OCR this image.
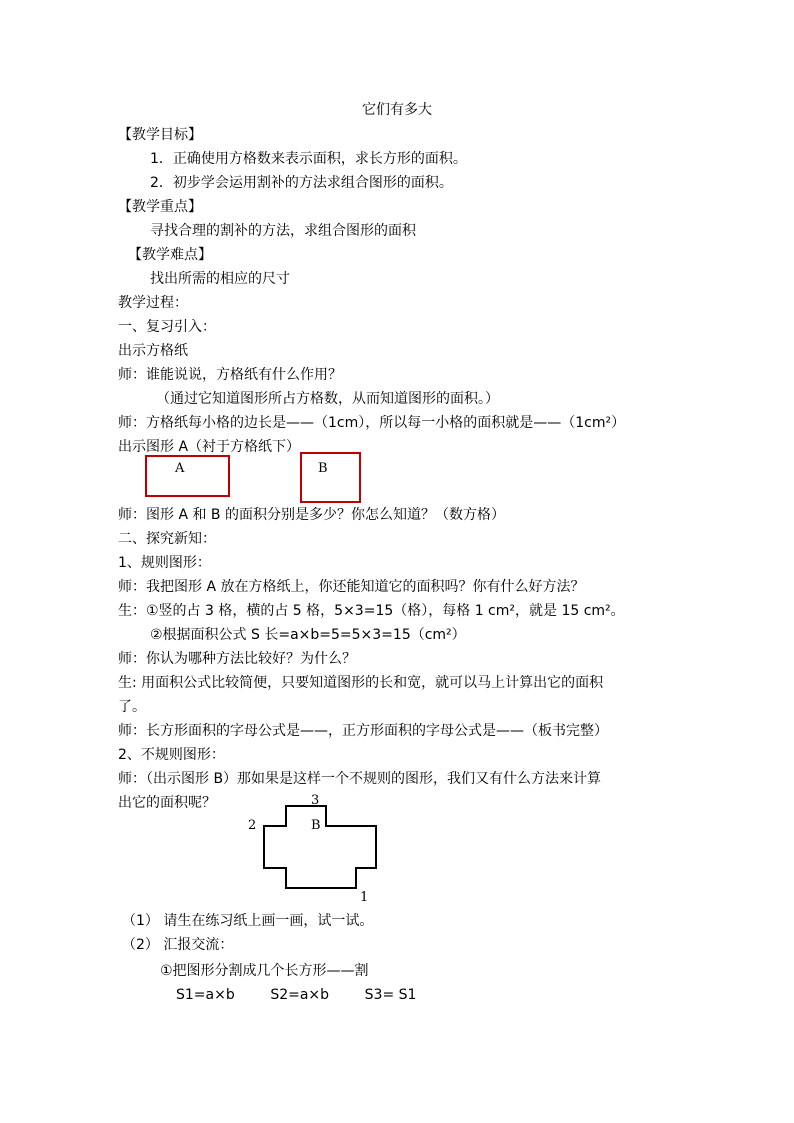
它们有多大
【教学目标】
1．正确使用方格数来表示面积，求长方形的面积。
2．初步学会运用割补的方法求组合图形的面积。
【教学重点】
寻找合理的割补的方法，求组合图形的面积
【教学难点】
找出所需的相应的尺寸
教学过程：
一、复习引入：
出示方格纸
师：谁能说说，方格纸有什么作用？
（通过它知道图形所占方格数，从而知道图形的面积。）
师：方格纸每小格的边长是——（1cm），所以每一小格的面积就是——（1cm²）
出示图形 A（衬于方格纸下）
A	B
师：图形 A 和 B 的面积分别是多少？你怎么知道？（数方格）
二、探究新知：
1、规则图形：
师：我把图形 A 放在方格纸上，你还能知道它的面积吗？你有什么好方法？
生：①竖的占 3 格，横的占 5 格，5×3=15（格），每格 1 cm²，就是 15 cm²。
②根据面积公式 S 长=a×b=5=5×3=15（cm²）
师：你认为哪种方法比较好？为什么？
生: 用面积公式比较简便，只要知道图形的长和宽，就可以马上计算出它的面积
了。
师：长方形面积的字母公式是——，正方形面积的字母公式是——（板书完整）
2、不规则图形：
师：（出示图形 B）那如果是这样一个不规则的图形，我们又有什么方法来计算
出它的面积呢？	3
2	B
1
（1） 请生在练习纸上画一画，试一试。
（2） 汇报交流：
①把图形分割成几个长方形——割
S1=a×b        S2=a×b        S3= S1
